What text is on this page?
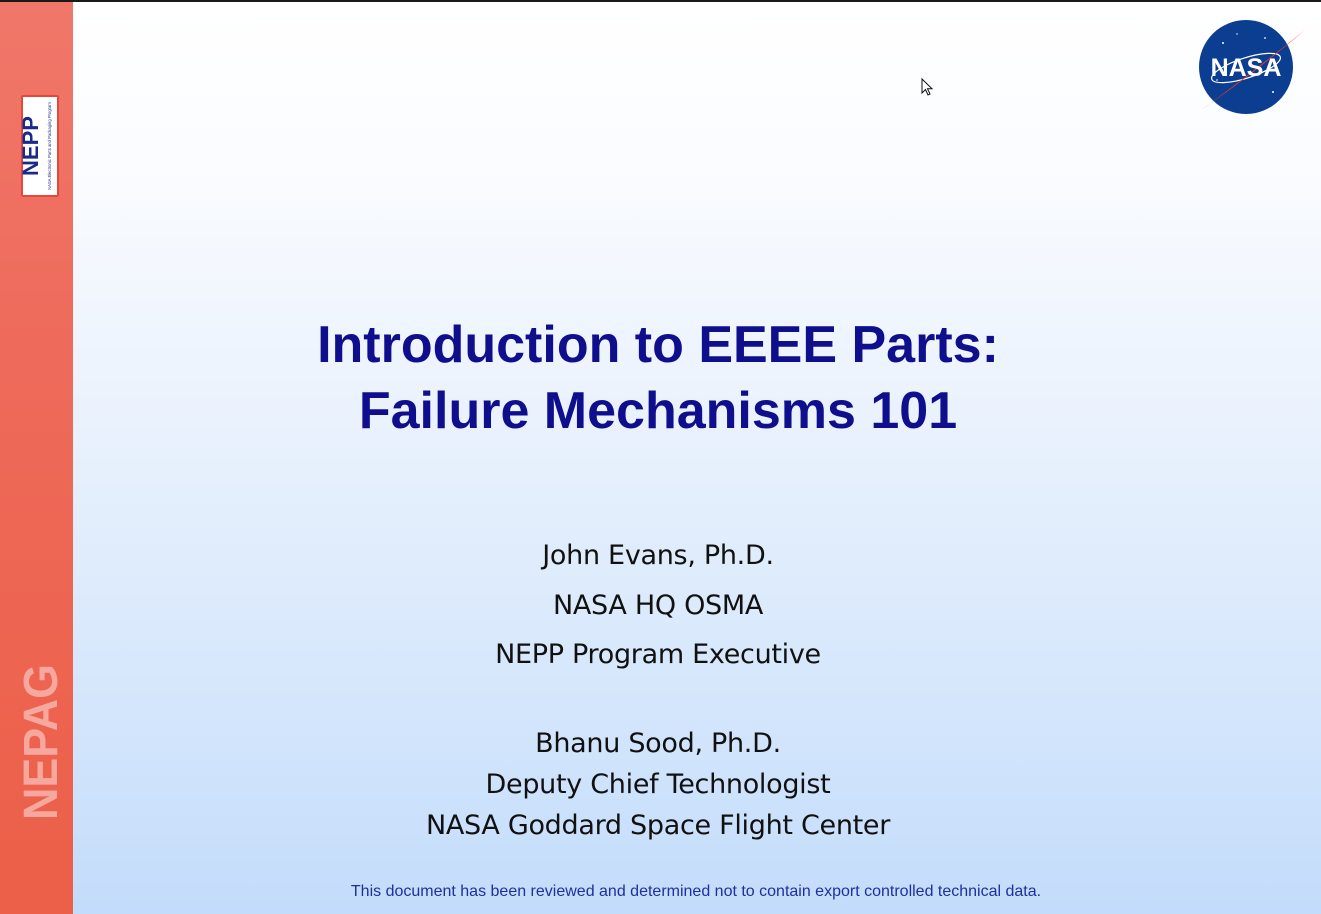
NEPP NASA Electronic Parts and Packaging Program
NEPAG
NASA
Introduction to EEEE Parts:
Failure Mechanisms 101
John Evans, Ph.D.
NASA HQ OSMA
NEPP Program Executive
Bhanu Sood, Ph.D.
Deputy Chief Technologist
NASA Goddard Space Flight Center
This document has been reviewed and determined not to contain export controlled technical data.
